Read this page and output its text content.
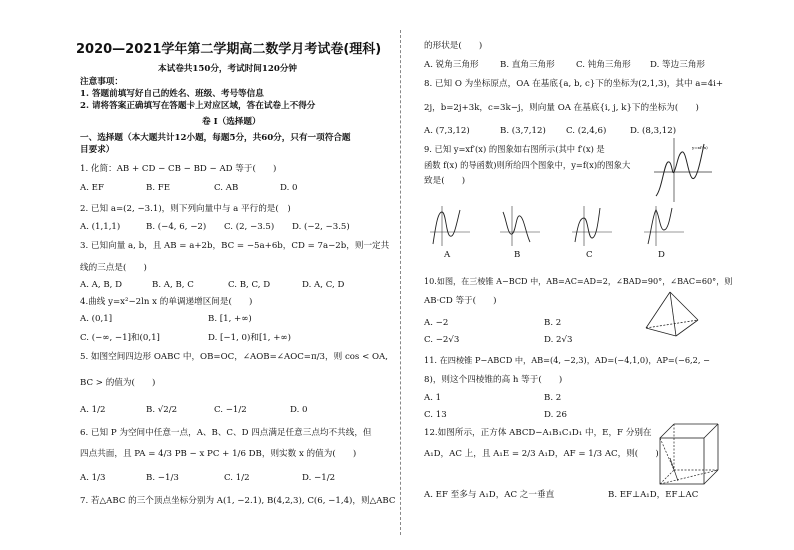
2020—2021学年第二学期高二数学月考试卷(理科)
本试卷共150分，考试时间120分钟
注意事项：
1. 答题前填写好自己的姓名、班级、考号等信息
2. 请将答案正确填写在答题卡上对应区域，答在试卷上不得分
卷 I（选择题）
一、选择题（本大题共计12小题，每题5分，共60分，只有一项符合题
目要求）
1. 化简：AB + CD − CB − BD − AD 等于(　　)
A. EF	B. FE	C. AB	D. 0
2. 已知 a=(2, −3.1)，则下列向量中与 a 平行的是(　)
A. (1,1,1)	B. (−4, 6, −2) C. (2, −3.5) D. (−2, −3.5)
3. 已知向量 a, b，且 AB = a+2b，BC = −5a+6b，CD = 7a−2b，则一定共
线的三点是(　　)
A. A, B, D	B. A, B, C	C. B, C, D	D. A, C, D
4.曲线 y=x²−2ln x 的单调递增区间是(　　)
A. (0,1]	B. [1, +∞)
C. (−∞, −1]和(0,1]	D. [−1, 0)和[1, +∞)
5. 如图空间四边形 OABC 中，OB=OC，∠AOB=∠AOC=π/3，则 cos < OA,
BC > 的值为(　　)
A. 1/2	B. √2/2	C. −1/2	D. 0
6. 已知 P 为空间中任意一点，A、B、C、D 四点满足任意三点均不共线，但
四点共面，且 PA = 4/3 PB − x PC + 1/6 DB，则实数 x 的值为(　　)
A. 1/3	B. −1/3	C. 1/2	D. −1/2
7. 若△ABC 的三个顶点坐标分别为 A(1, −2.1), B(4,2,3), C(6, −1,4)，则△ABC
的形状是(　　)
A. 锐角三角形 B. 直角三角形 C. 钝角三角形 D. 等边三角形
8. 已知 O 为坐标原点，OA 在基底{a, b, c}下的坐标为(2,1,3)，其中 a=4i+
2j，b=2j+3k，c=3k−j，则向量 OA 在基底{i, j, k}下的坐标为(　　)
A. (7,3,12)	B. (3,7,12) C. (2,4,6)	D. (8,3,12)
9. 已知 y=xf′(x) 的图象如右图所示(其中 f′(x) 是
函数 f(x) 的导函数)则所给四个图象中，y=f(x)的图象大
致是(　　)
y=xf′(x)
A	B	C	D
10.如图，在三棱锥 A−BCD 中，AB=AC=AD=2，∠BAD=90°，∠BAC=60°，则
AB·CD 等于(　　)
A. −2	B. 2
C. −2√3	D. 2√3
11. 在四棱锥 P−ABCD 中，AB=(4, −2,3)，AD=(−4,1,0)，AP=(−6,2, −
8)，则这个四棱锥的高 h 等于(　　)
A. 1	B. 2
C. 13	D. 26
12.如图所示，正方体 ABCD−A₁B₁C₁D₁ 中，E，F 分别在
A₁D，AC 上，且 A₁E = 2/3 A₁D，AF = 1/3 AC，则(　　)
A. EF 至多与 A₁D，AC 之一垂直	B. EF⊥A₁D，EF⊥AC
